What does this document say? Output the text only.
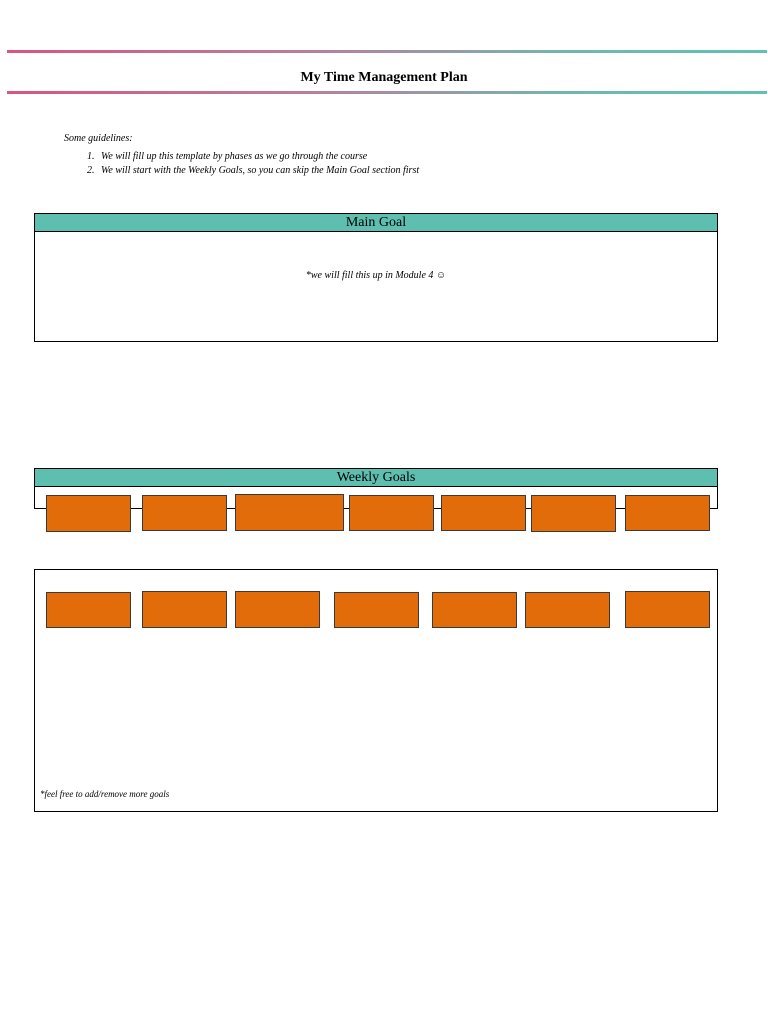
My Time Management Plan

Some guidelines:

1. We will fill up this template by phases as we go through the course
2. We will start with the Weekly Goals, so you can skip the Main Goal section first
Main Goal
*we will fill this up in Module 4 ☺
Weekly Goals
*feel free to add/remove more goals
